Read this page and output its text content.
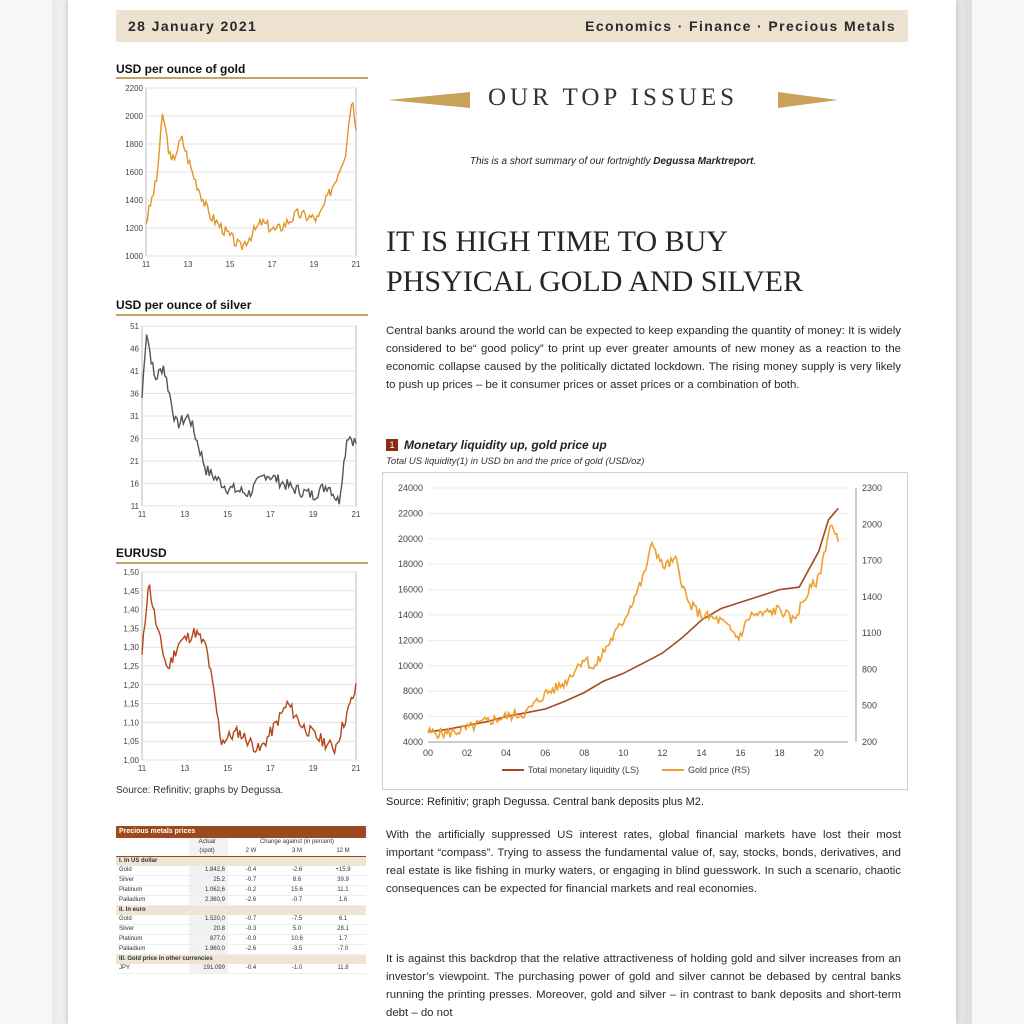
28 January 2021	Economics · Finance · Precious Metals
USD per ounce of gold
2200
2000
1800
1600
1400
1200
1000
11	13	15	17	19	21
USD per ounce of silver
51
46
41
36
31
26
21
16
11
11	13	15	17	19	21
EURUSD
1,50
1,45
1,40
1,35
1,30
1,25
1,20
1,15
1,10
1,05
1,00
11	13	15	17	19	21
Source: Refinitiv; graphs by Degussa.
Precious metals prices
Actual	Change against (in percent)
(spot)	2 W	3 M	12 M
I. In US dollar
Gold	1.842,6	-0.4	-2.6	+15.9
Silver	25.2	-0.7	8.6	39.9
Platinum	1.062,6	-0.2	15.6	11.1
Palladium	2.360,9	-2.6	-0.7	1.6
II. In euro
Gold	1.520,0	-0.7	-7.5	6.1
Silver	20.8	-0.3	5.0	28.1
Platinum	877.0	-0.9	10.6	1.7
Palladium	1.960,0	-2.6	-3.5	-7.0
III. Gold price in other currencies
JPY	191.099	-0.4	-1.0	11.8
OUR TOP ISSUES
This is a short summary of our fortnightly Degussa Marktreport.
IT IS HIGH TIME TO BUY
PHSYICAL GOLD AND SILVER
Central banks around the world can be expected to keep expanding the quantity of money: It is widely considered to be“ good policy” to print up ever greater amounts of new money as a reaction to the economic collapse caused by the politically dictated lockdown. The rising money supply is very likely to push up prices – be it consumer prices or asset prices or a combination of both.
1 Monetary liquidity up, gold price up
Total US liquidity(1) in USD bn and the price of gold (USD/oz)
24000
22000
20000
18000
16000
14000
12000
10000
8000
6000
4000
2300
2000
1700
1400
1100
800
500
200
00	02	04	06	08	10	12	14	16	18	20
Total monetary liquidity (LS)	Gold price (RS)
Source: Refinitiv; graph Degussa. Central bank deposits plus M2.
With the artificially suppressed US interest rates, global financial markets have lost their most important “compass”. Trying to assess the fundamental value of, say, stocks, bonds, derivatives, and real estate is like fishing in murky waters, or engaging in blind guesswork. In such a scenario, chaotic consequences can be expected for financial markets and real economies.
It is against this backdrop that the relative attractiveness of holding gold and silver increases from an investor’s viewpoint. The purchasing power of gold and silver cannot be debased by central banks running the printing presses. Moreover, gold and silver – in contrast to bank deposits and short-term debt – do not
